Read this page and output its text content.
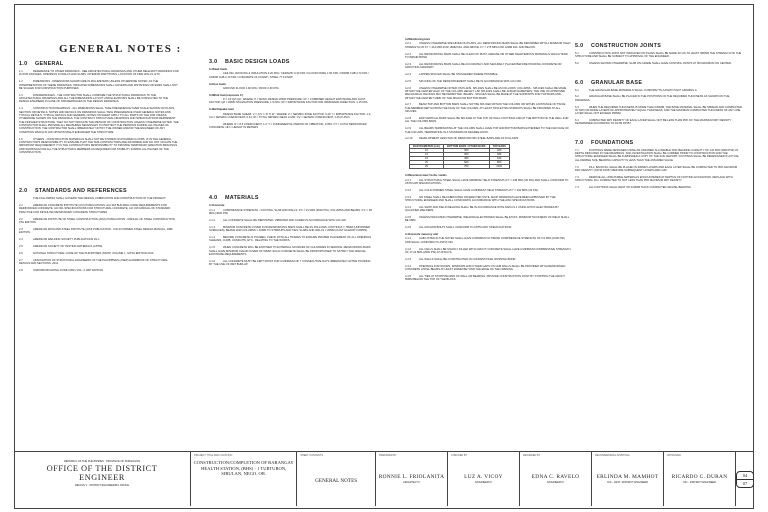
GENERAL NOTES :
1.0 GENERAL
1.1	REFERENCE TO OTHER DRAWINGS - SEE ARCHITECTURAL DRAWINGS AND OTHER RELEVANT DRAWINGS FOR FLOOR FINISHES, OPENINGS IN WALLS AND SLABS, INTERIOR PARTITIONS, LOCATION OF FIRE WALLS, ETC.
1.2	DIMENSIONS - DIMENSIONS SHOWN ARE IN MILLIMETERS UNLESS OTHERWISE NOTED. AS THE INTERPRETATION OF THESE DRAWINGS, INDICATED DIMENSIONS SHALL GOVERN AND DISTANCES OR SIZES SHALL NOT BE SCALED FOR CONSTRUCTION PURPOSES.
1.3	DISCREPANCIES - THE CONTRACTOR SHALL COMPARE THE STRUCTURAL DRAWINGS TO THE ARCHITECTURAL DRAWINGS AND ALL THE DIMENSIONS LAYOUT AND ELEVATIONS SHALL BE CONSULTED TO THE DESIGN ENGINEER IN CASE OF DISCREPANCIES IN THE DESIGN DRAWINGS.
1.4	CONSTRUCTION DRAWINGS - ALL DIMENSIONS SHALL TAKE PRECEDENCE OVER SCALE SHOWN ON PLANS, SECTION OR DETAILS. NOTES AND DETAILS ON DRAWINGS SHALL TAKE PRECEDENCE OVER GENERAL NOTES AND TYPICAL DETAILS. TYPICAL DETAILS AND GENERAL NOTES ON SHEET APPLY TO ALL PARTS OF THE JOB UNLESS OTHERWISE SHOWN ON THE DRAWINGS. THE CONTRACT STRUCTURAL DRAWINGS AND SPECIFICATIONS REPRESENT THE FINISHED STRUCTURE. THEY DO NOT INDICATE THE METHOD OF CONSTRUCTION UNLESS OTHERWISE NOTED. THE CONTRACTOR SHALL PROVIDE ALL MEASURES NECESSARY TO PROTECT THE PERSONS DURING ALL PHASES OF CONSTRUCTION. THE CONTRACTOR SHALL IMMEDIATELY NOTIFY THE OWNER AND/OR THE ENGINEER OF ANY CONDITION WHICH IN HIS OPINION MIGHT ENDANGER THE STRUCTURE.
1.5	OTHERS - CONSTRUCTION MATERIALS SHALL NOT BE STORED ON POURED FLOORS. IF IN THE GENERAL CONTRACTOR'S RESPONSIBILITY TO ENSURE THAT THE SUB-CONTRACTORS ARE INFORMED AND DO NOT VIOLATE THE IMPORTANT REQUIREMENT. IT IS THE CONTRACTOR'S RESPONSIBILITY TO PROVIDE TEMPORARY ERECTION BRACINGS AND SHORINGS FOR ALL THE STRUCTURAL MEMBERS AS REQUIRED FOR STABILITY DURING ALL PHASES OF THE CONSTRUCTION.
2.0 STANDARDS AND REFERENCES
THE FOLLOWING SHALL GOVERN THE DESIGN, FABRICATION AND CONSTRUCTION OF THE PROJECT:
2.1	AMERICAN CONCRETE INSTITUTE (ACI) PUBLICATIONS: ACI 318 BUILDING CODE REQUIREMENTS FOR REINFORCED CONCRETE; ACI 301 SPECIFICATIONS FOR STRUCTURAL CONCRETE; ACI 315 MANUAL OF STANDARD PRACTICE FOR DETAILING REINFORCED CONCRETE STRUCTURES.
2.2	AMERICAN INSTITUTE OF STEEL CONSTRUCTION (AISC) PUBLICATION - MANUAL OF STEEL CONSTRUCTION, 9TH EDITION.
2.3	AMERICAN IRON AND STEEL INSTITUTE (AISI) PUBLICATION - COLD FORMED STEEL DESIGN MANUAL, 1986 EDITION.
2.4	AMERICAN WELDING SOCIETY PUBLICATIONS D1.1
2.5	AMERICAN SOCIETY OF TESTING MATERIALS (ASTM)
2.6	NATIONAL STRUCTURAL CODE OF THE PHILIPPINES (NSCP) VOLUME 1, SIXTH EDITION 2010
2.7	ASSOCIATION OF STRUCTURAL ENGINEERS OF THE PHILIPPINES (ASEP) HANDBOOK OF STRUCTURAL DETAILS AND SECTIONS, 2014
2.8	UNIFORM BUILDING CODE (UBC) VOL. 2 1997 EDITION
3.0 BASIC DESIGN LOADS
3.1Dead loads
CEILING, ROOFING & INSULATION 0.20 KPA / CERAMIC 0.30 KPA / FLOOR FINISH 1.50 KPA / 150MM CHB 2.73 KPA / 100MM CHB 2.10 KPA / CONCRETE 24.0 KN/M³ / STEEL 77.0 KN/M³
3.2Live loads
GROUND FLOOR 1.90 KPA / ROOF 0.60 KPA
3.3Wind load (exposure C)
P = CF QZ QH ; WHERE: P = BASIC DESIGN WIND PRESSURE; CF = COMBINED HEIGHT EXPOSURE AND GUST FACTOR; QZ = WIND STAGNATION PRESSURE, 1.5 KPA; IW = IMPORTANCE FACTOR FOR WINDWARD DIRECTION, 1.15 KPA
3.4Earthquake load
DESIGN BASE SHEAR: V = (CV I / R T) W ; WHERE: Z = SEISMIC ZONE FACTOR, 0.40; I = IMPORTANCE FACTOR, 1.0; CA = SEISMIC COEFFICIENT, 0.44; W = TOTAL SEISMIC DEAD LOAD; CV = SEISMIC COEFFICIENT, 1.25 (0.4NV)
WHERE: R = 8.5 COEFFICIENT, 1.0; T = FUNDAMENTAL PERIOD OF VIBRATION, 0.35S; CT = 0.0731 REINFORCED CONCRETE; HN = HEIGHT IN METERS
4.0 MATERIALS
4.1Concrete
4.1.1	COMPRESSIVE STRENGTH - FOOTING, SLAB AND WALLS: F'C = 21 MPA (3000 PSI); COLUMNS AND BEAMS: F'C = 28 MPA (4000 PSI)
4.1.2	ALL CONCRETE SHALL BE DEPOSITED, VIBRATED AND CURED IN ACCORDANCE WITH ACI 318.
4.1.3	MINIMUM CONCRETE COVER FOR REINFORCING BARS SHALL BE AS FOLLOWS: FOOTINGS = 75MM (UNFORMED SURFACES); BEAMS AND COLUMNS = 40MM TO STIRRUPS AND TIES; SLABS AND WALLS = 20MM (CAST AGAINST FORMS).
4.1.4	BEFORE CONCRETE IS POURED, CHECK WITH ALL TRADES TO ENSURE PROPER PLACEMENT OF ALL OPENINGS, SLEEVES, CURB, CONDUITS, ETC., RELATING TO THE WORKS.
4.1.5	WHEN CONCRETE WILL BE EXPOSED TO EXTERNAL SOURCES OF CHLORIDES IN SERVICE, REINFORCING BARS SHALL HAVE MINIMUM CLEAR COVER OF 50MM; SUCH CONCRETE SHALL BE PROPORTIONED TO SATISFY THE SPECIAL EXPOSURE REQUIREMENTS.
4.1.6	ALL CONCRETE MUST BE KEPT MOIST FOR A MINIMUM OF 7 CONSECUTIVE DAYS IMMEDIATELY AFTER POURING BY THE USE OF WET BURLAP.
4.2Reinforcing bars
4.2.1	UNLESS OTHERWISE SPECIFIED ON PLANS, ALL REINFORCING BARS SHALL BE DEFORMED WITH A MINIMUM YIELD STRENGTH OF FY = 414 MPA FOR 16MM DIA. AND ABOVE, FY = 275 MPA FOR 12MM DIA. AND BELOW.
4.2.2	ALL REINFORCING BARS SHALL BE CLEAN OF RUST, GREASE OR OTHER DELETERIOUS MATERIALS WHICH TEND TO IMPAIR BOND.
4.2.3	ALL REINFORCING BARS SHALL BE ACCURATELY AND SECURELY PLACED BEFORE POURING CONCRETE OR GROUTING MASONRY.
4.2.4	LAPPED SPLICES SHALL BE STAGGERED WHERE POSSIBLE.
4.2.5	SPLICING OF THE REINFORCEMENT SHALL BE IN ACCORDANCE WITH ACI 318.
4.2.6	UNLESS OTHERWISE NOTED ON PLANS, SPLICES SHALL BE AS FOLLOWS: COLUMNS - SPLICES SHALL BE MADE WITHIN THE CENTER HALF OF THE COLUMN HEIGHT; LAP SPLICES SHALL BE 40 BAR DIAMETERS; THE USE OF APPROVED MECHANICAL DEVICES MAY BE PERMITTED. BEAMS - SPLICES SHALL BE MADE AT THE SUPPORTS FOR TOP BARS AND WITHIN THE CENTER THIRD OF THE SPAN FOR BOTTOM BARS.
4.2.7	BEAM TOP AND BOTTOM BARS SHALL NOT BE SPLICED WITHIN THE COLUMN OR WITHIN A DISTANCE OF TWICE THE MEMBER DEPTH FROM THE FACE OF THE COLUMN; AT LEAST TWO EXTRA STIRRUPS SHALL BE PROVIDED AT ALL SPLICES.
4.2.8	END VERTICAL BARS SHALL BE SPLICED AT THE TOP OF WALL FOOTINGS AND AT THE BOTTOM OF THE WALL FOR ALL THE COLUMN BARS.
4.2.9	ALL BEAMS TERMINATING AT THE COLUMN SHALL HAVE TOP AND BOTTOM BARS EXTENDED TO THE FAR FACE OF THE COLUMN, TERMINATING IN A STANDARD 90 DEGREE HOOK.
4.2.10 DEVELOPMENT LENGTHS OF REINFORCING STEEL BARS ARE AS FOLLOWS:
BAR DIAMETER (mm)	BOTTOM BARS / OTHER BARS	TOP BARS
10	300	400
12	360	480
16	480	640
20	600	800
25	750	1000
4.3Structural steel / bolts / welds
4.3.1	ALL STRUCTURAL STEEL SHALL HAVE MINIMUM YIELD STRENGTH FY = 248 MPA (36 KSI) AND SHALL CONFORM TO ASTM A36 SPECIFICATIONS.
4.3.2	ALL COLD FORMED STEEL SHALL HAVE A MINIMUM YIELD STRENGTH FY = 230 MPA (33 KSI).
4.3.3	NO STEEL SHALL BE FABRICATED OR ERECTED UNTIL SHOP DRAWINGS HAVE BEEN APPROVED BY THE STRUCTURAL ENGINEER AND SHALL CONFORM IN ACCORDANCE WITH THE AISC SPECIFICATIONS.
4.3.4	ALL SHOP AND FIELD WELDING SHALL BE IN ACCORDANCE WITH AWS D1.1 USING E70XX ELECTRODES BY QUALIFIED WELDERS.
4.3.5	UNLESS INDICATED OTHERWISE, WELDING ELECTRODES SHALL BE E70XX. MINIMUM THICKNESS OF WELD SHALL BE 6MM.
4.3.6	ALL ANCHOR BOLTS SHALL CONFORM TO ASTM A307 SPECIFICATIONS.
4.4Concrete masonry unit
4.4.1	CHB LISTED IN THE NOTES SHALL HAVE A MINIMUM ULTIMATE COMPRESSIVE STRENGTH OF 6.9 MPA (1000 PSI) AND SHALL CONFORM TO ASTM C90.
4.4.2	ALL CELLS SHALL BE SOLIDLY FILLED WITH GROUT; CONCRETE SHALL HAVE A MINIMUM COMPRESSIVE STRENGTH OF 17.24 MPA (2500 PSI) AT 28 DAYS.
4.4.3	ALL WALLS SHALL BE CONSTRUCTED IN CONVENTIONAL RUNNING BOND.
4.4.4	OPENINGS FOR DOORS, WINDOWS AND OTHER GAPS ON CHB WALLS SHALL BE PROVIDED WITH REINFORCED CONCRETE LINTEL BEAMS AT LEAST 300MM BEYOND THE EDGE OF THE OPENING.
4.4.5	ALL TIES AT STOPPING END OF WALL OR BEARING, PROVIDE CONSTRUCTION JOINT BY STOPPING THE GROUT 50MM BELOW THE TOP OF THE BLOCK.
5.0 CONSTRUCTION JOINTS
5.1	CONSTRUCTION JOINT NOT INDICATED ON PLANS SHALL BE MADE SO AS TO LEAST IMPAIR THE STRENGTH OF THE STRUCTURE AND SHALL BE SUBJECT TO APPROVAL OF THE ENGINEER.
5.2	UNLESS SHOWN OTHERWISE, SLAB ON GRADE SHALL HAVE CONTROL JOINTS AT 3M MAXIMUM ON CENTER.
6.0 GRANULAR BASE
6.1	THE GRANULAR BASE MATERIALS SHALL CONFORM TO AASHTO M147 GRADING A.
6.2	GRANULAR BASE SHALL BE PLACED IN THE POSITIONS OF THE REQUIRED THICKNESS AS SHOWN ON THE DRAWINGS.
6.3	WHEN THE REQUIRED THICKNESS IS MORE THAN 150MM, THE BASE MATERIAL SHALL BE SPREAD AND COMPACTED IN TWO OR MORE LAYERS OF APPROXIMATELY EQUAL THICKNESS, AND THE MAXIMUM COMPACTED THICKNESS OF ANY ONE LAYER SHALL NOT EXCEED 150MM.
6.4	COMPACTED DRY DENSITY OF EACH LAYER SHALL NOT BE LESS THAN 95% OF THE MAXIMUM DRY DENSITY DETERMINED ACCORDING TO ASTM D1557.
7.0 FOUNDATIONS
7.1	FOOTINGS WERE DESIGNED USING AN ASSUMED ALLOWABLE SOIL BEARING CAPACITY OF 144 KPA (3000 PSF) AT DEPTH INDICATED IN THE DRAWINGS. SOIL INVESTIGATION SHALL BE CARRIED PRIOR TO CONSTRUCTION AND THE STRUCTURAL ENGINEER SHALL BE FURNISHED A COPY OF THE SOIL REPORT. FOOTINGS SHALL BE REDESIGNED IF ACTUAL ALLOWABLE SOIL BEARING CAPACITY IS LESS THAN THE ASSUMED VALUE.
7.2	FILL: BACKFILL SHALL BE PLACED IN 200MM LAYERS AND EACH LAYER SHALL BE COMPACTED TO 95% MAXIMUM DRY DENSITY (ASTM D1557) BEFORE SUBSEQUENT LAYERS ARE LAID.
7.3	REMOVE ALL UNSUITABLE MATERIALS ENCOUNTERED AT DEPTHS OF FOOTING EXCAVATION. REPLACE WITH STRUCTURAL FILL COMPACTED TO NOT LESS THAN 95% MAXIMUM DRY DENSITY.
7.4	ALL FOOTINGS SHALL REST ON 100MM THICK COMPACTED GRAVEL BEDDING.
REPUBLIC OF THE PHILIPPINES · PROVINCE OF SORSOGON
OFFICE OF THE DISTRICT
ENGINEER
REGION V · DISTRICT ENGINEERING OFFICE
PROJECT TITLE AND LOCATION
CONSTRUCTION/COMPLETION OF BARANGAY HEALTH STATION, (BHS) - 1 TURTURON, SIBULAN, NEGO. OR.
SHEET CONTENTS
GENERAL NOTES
PREPARED BY
RONNIE L. FRIOLANITA
ARCHITECT II
CHECKED BY
LUZ A. VICOY
ENGINEER III
REVIEWED BY
EDNA C. RAVELO
ENGINEER III
RECOMMENDING APPROVAL
ERLINDA M. MAMHOT
OIC - ASST. DISTRICT ENGINEER
APPROVED
RICARDO C. DURAN
OIC - DISTRICT ENGINEER
04
07
